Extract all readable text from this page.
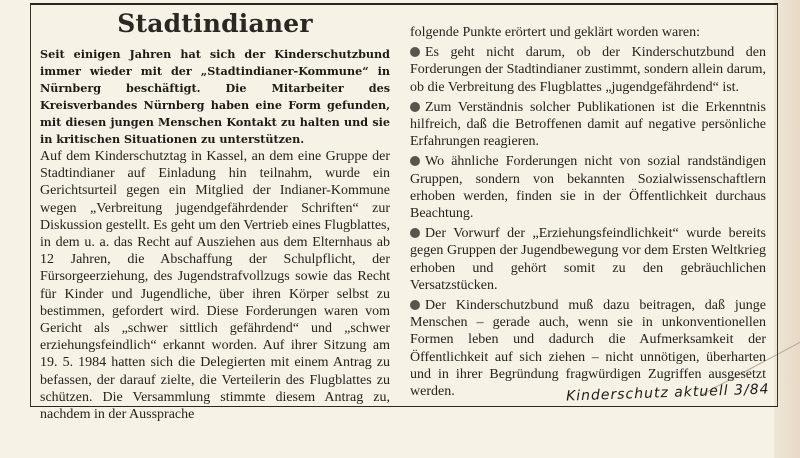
Stadtindianer

Seit einigen Jahren hat sich der Kinderschutzbund immer wieder mit der „Stadtindianer-Kommune“ in Nürnberg beschäftigt. Die Mitarbeiter des Kreisverbandes Nürnberg haben eine Form gefunden, mit diesen jungen Menschen Kontakt zu halten und sie in kritischen Situationen zu unterstützen.

Auf dem Kinderschutztag in Kassel, an dem eine Gruppe der Stadtindianer auf Einladung hin teilnahm, wurde ein Gerichtsurteil gegen ein Mitglied der Indianer-Kommune wegen „Verbreitung jugendgefährdender Schriften“ zur Diskussion gestellt. Es geht um den Vertrieb eines Flugblattes, in dem u. a. das Recht auf Ausziehen aus dem Elternhaus ab 12 Jahren, die Abschaffung der Schulpflicht, der Fürsorgeerziehung, des Jugendstrafvollzugs sowie das Recht für Kinder und Jugendliche, über ihren Körper selbst zu bestimmen, gefordert wird. Diese Forderungen waren vom Gericht als „schwer sittlich gefährdend“ und „schwer erziehungsfeindlich“ erkannt worden. Auf ihrer Sitzung am 19. 5. 1984 hatten sich die Delegierten mit einem Antrag zu befassen, der darauf zielte, die Verteilerin des Flugblattes zu schützen. Die Versammlung stimmte diesem Antrag zu, nachdem in der Aussprache

folgende Punkte erörtert und geklärt worden waren:

Es geht nicht darum, ob der Kinderschutzbund den Forderungen der Stadtindianer zustimmt, sondern allein darum, ob die Verbreitung des Flugblattes „jugendgefährdend“ ist.

Zum Verständnis solcher Publikationen ist die Erkenntnis hilfreich, daß die Betroffenen damit auf negative persönliche Erfahrungen reagieren.

Wo ähnliche Forderungen nicht von sozial randständigen Gruppen, sondern von bekannten Sozialwissenschaftlern erhoben werden, finden sie in der Öffentlichkeit durchaus Beachtung.

Der Vorwurf der „Erziehungsfeindlichkeit“ wurde bereits gegen Gruppen der Jugendbewegung vor dem Ersten Weltkrieg erhoben und gehört somit zu den gebräuchlichen Versatzstücken.

Der Kinderschutzbund muß dazu beitragen, daß junge Menschen – gerade auch, wenn sie in unkonventionellen Formen leben und dadurch die Aufmerksamkeit der Öffentlichkeit auf sich ziehen – nicht unnötigen, überharten und in ihrer Begründung fragwürdigen Zugriffen ausgesetzt werden.	Kinderschutz aktuell 3/84
